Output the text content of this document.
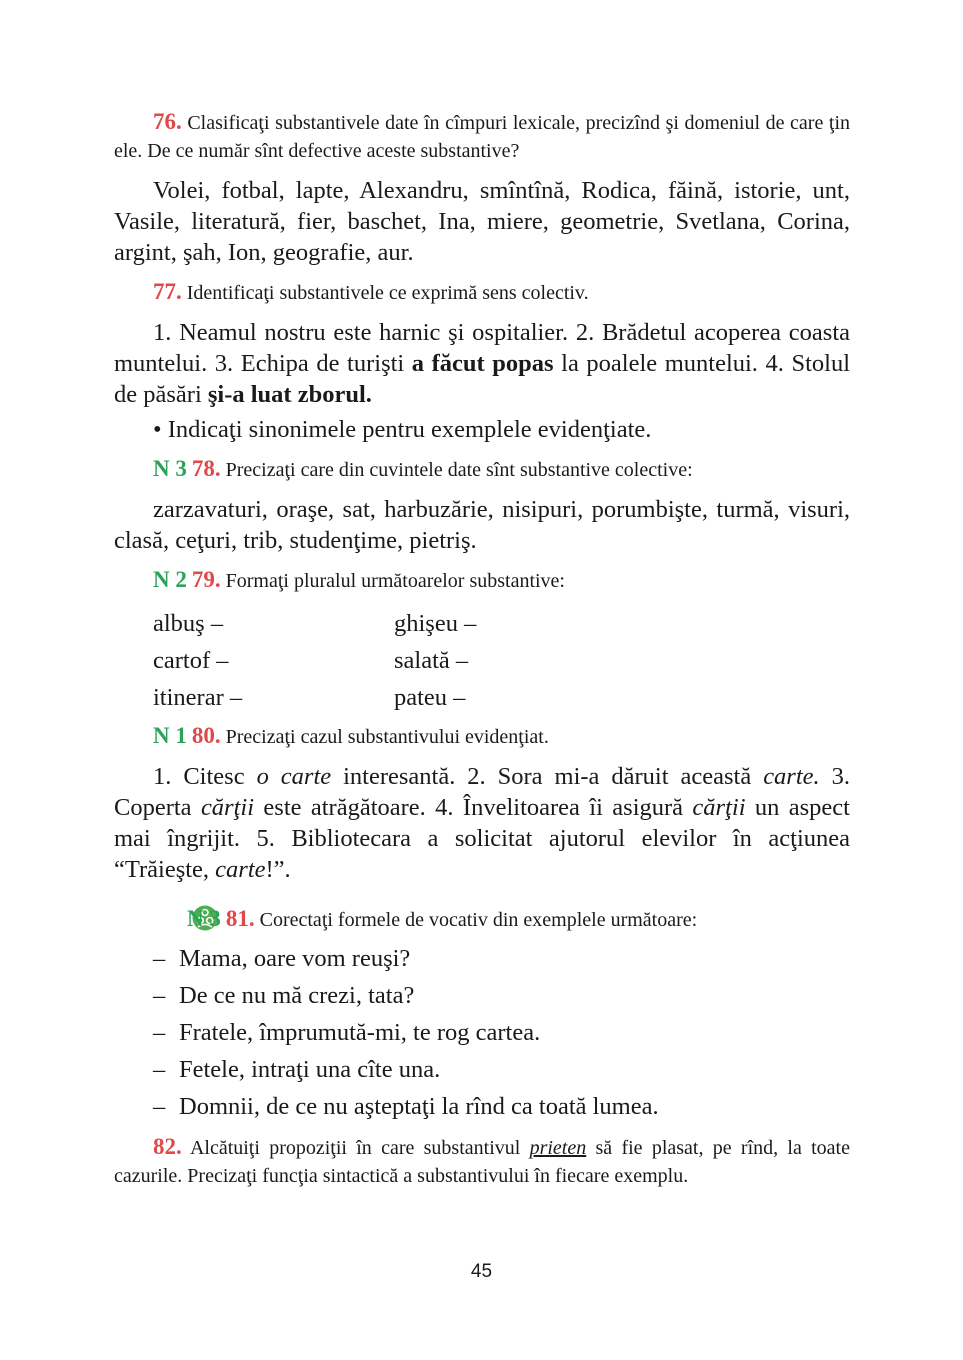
76. Clasificaţi substantivele date în cîmpuri lexicale, precizînd şi domeniul de care ţin ele. De ce număr sînt defective aceste substantive?

Volei, fotbal, lapte, Alexandru, smîntînă, Rodica, făină, istorie, unt, Vasile, literatură, fier, baschet, Ina, miere, geometrie, Svetlana, Corina, argint, şah, Ion, geografie, aur.

77. Identificaţi substantivele ce exprimă sens colectiv.

1. Neamul nostru este harnic şi ospitalier. 2. Brădetul acoperea coasta muntelui. 3. Echipa de turişti a făcut popas la poalele muntelui. 4. Stolul de păsări şi-a luat zborul.

• Indicaţi sinonimele pentru exemplele evidenţiate.

N 3 78. Precizaţi care din cuvintele date sînt substantive colective:

zarzavaturi, oraşe, sat, harbuzărie, nisipuri, porumbişte, turmă, visuri, clasă, ceţuri, trib, studenţime, pietriş.

N 2 79. Formaţi pluralul următoarelor substantive:

albuş –	ghişeu –
cartof –	salată –
itinerar –	pateu –

N 1 80. Precizaţi cazul substantivului evidenţiat.

1. Citesc o carte interesantă. 2. Sora mi-a dăruit această carte. 3. Coperta cărţii este atrăgătoare. 4. Învelitoarea îi asigură cărţii un aspect mai îngrijit. 5. Bibliotecara a solicitat ajutorul elevilor în acţiunea “Trăieşte, carte!”.

N 3 81. Corectaţi formele de vocativ din exemplele următoare:

– Mama, oare vom reuşi?
– De ce nu mă crezi, tata?
– Fratele, împrumută-mi, te rog cartea.
– Fetele, intraţi una cîte una.
– Domnii, de ce nu aşteptaţi la rînd ca toată lumea.

82. Alcătuiţi propoziţii în care substantivul prieten să fie plasat, pe rînd, la toate cazurile. Precizaţi funcţia sintactică a substantivului în fiecare exemplu.

45
